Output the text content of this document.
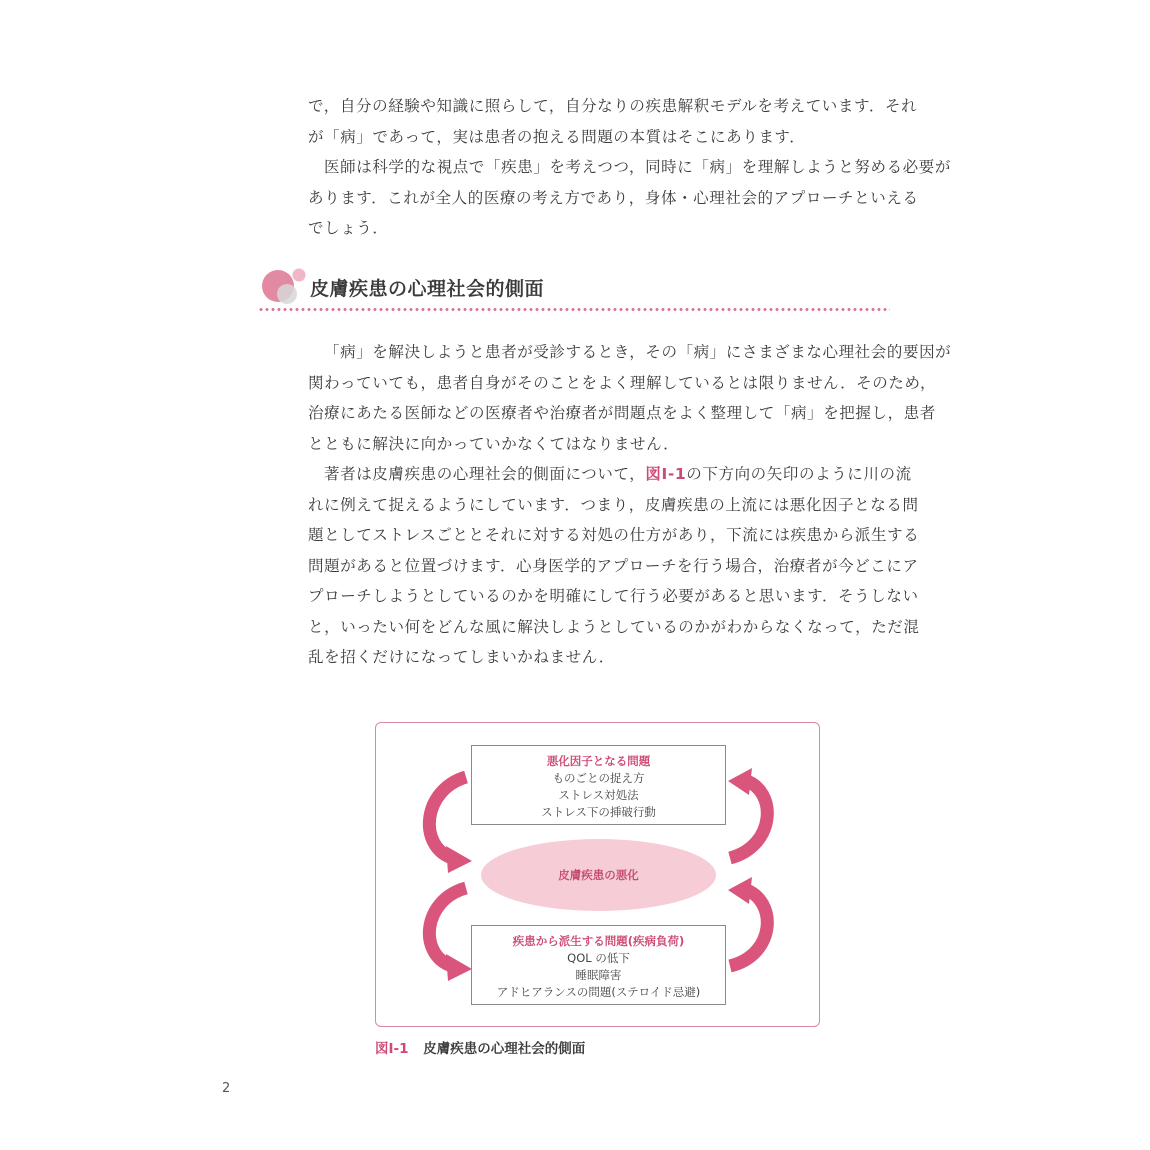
で，自分の経験や知識に照らして，自分なりの疾患解釈モデルを考えています．それ
が「病」であって，実は患者の抱える問題の本質はそこにあります．
医師は科学的な視点で「疾患」を考えつつ，同時に「病」を理解しようと努める必要が
あります．これが全人的医療の考え方であり，身体・心理社会的アプローチといえる
でしょう．
皮膚疾患の心理社会的側面
「病」を解決しようと患者が受診するとき，その「病」にさまざまな心理社会的要因が
関わっていても，患者自身がそのことをよく理解しているとは限りません．そのため，
治療にあたる医師などの医療者や治療者が問題点をよく整理して「病」を把握し，患者
とともに解決に向かっていかなくてはなりません．
著者は皮膚疾患の心理社会的側面について，図Ⅰ-1の下方向の矢印のように川の流
れに例えて捉えるようにしています．つまり，皮膚疾患の上流には悪化因子となる問
題としてストレスごととそれに対する対処の仕方があり，下流には疾患から派生する
問題があると位置づけます．心身医学的アプローチを行う場合，治療者が今どこにア
プローチしようとしているのかを明確にして行う必要があると思います．そうしない
と，いったい何をどんな風に解決しようとしているのかがわからなくなって，ただ混
乱を招くだけになってしまいかねません．
悪化因子となる問題
ものごとの捉え方
ストレス対処法
ストレス下の挿破行動
皮膚疾患の悪化
疾患から派生する問題(疾病負荷)
QOL の低下
睡眠障害
アドヒアランスの問題(ステロイド忌避)
図Ⅰ-1 皮膚疾患の心理社会的側面
2
